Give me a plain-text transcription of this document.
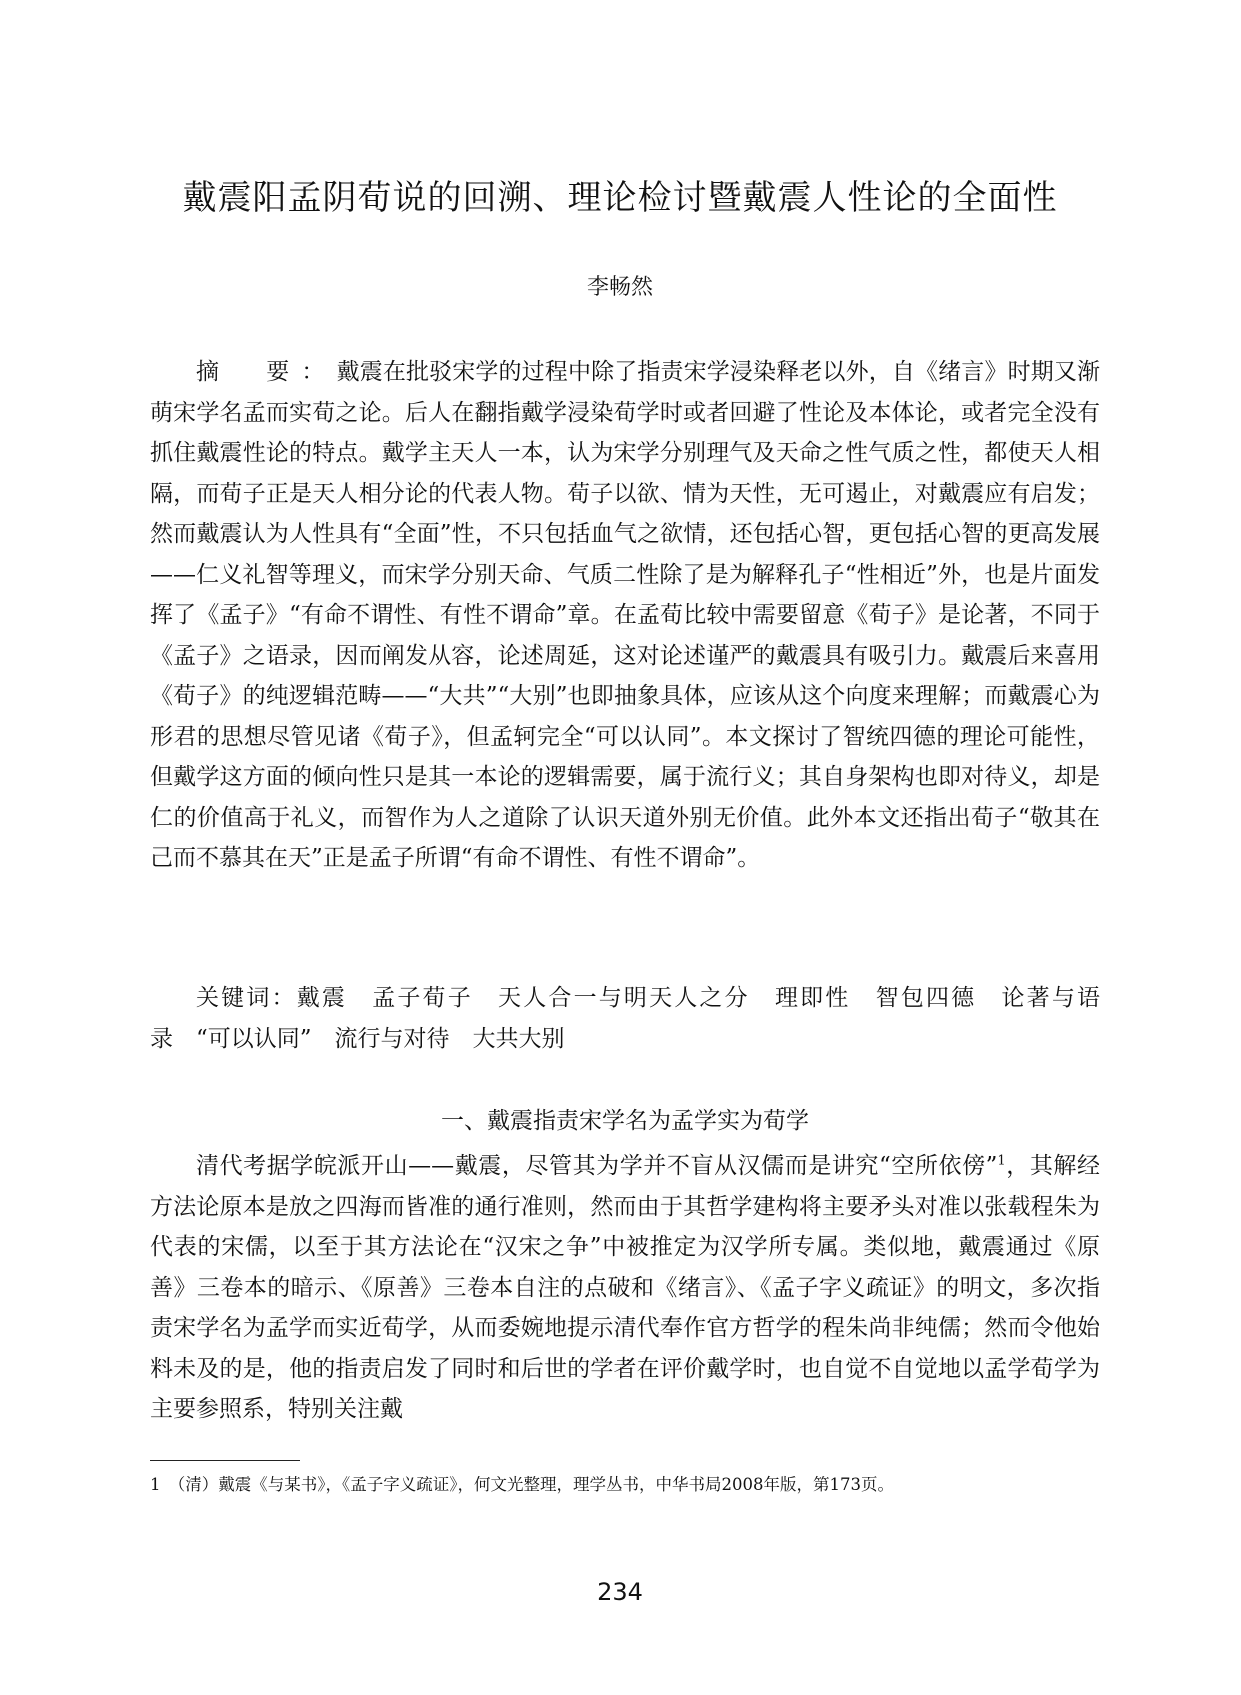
戴震阳孟阴荀说的回溯、理论检讨暨戴震人性论的全面性
李畅然

摘　要：戴震在批驳宋学的过程中除了指责宋学浸染释老以外，自《绪言》时期又渐萌宋学名孟而实荀之论。后人在翻指戴学浸染荀学时或者回避了性论及本体论，或者完全没有抓住戴震性论的特点。戴学主天人一本，认为宋学分别理气及天命之性气质之性，都使天人相隔，而荀子正是天人相分论的代表人物。荀子以欲、情为天性，无可遏止，对戴震应有启发；然而戴震认为人性具有“全面”性，不只包括血气之欲情，还包括心智，更包括心智的更高发展——仁义礼智等理义，而宋学分别天命、气质二性除了是为解释孔子“性相近”外，也是片面发挥了《孟子》“有命不谓性、有性不谓命”章。在孟荀比较中需要留意《荀子》是论著，不同于《孟子》之语录，因而阐发从容，论述周延，这对论述谨严的戴震具有吸引力。戴震后来喜用《荀子》的纯逻辑范畴——“大共”“大别”也即抽象具体，应该从这个向度来理解；而戴震心为形君的思想尽管见诸《荀子》，但孟轲完全“可以认同”。本文探讨了智统四德的理论可能性，但戴学这方面的倾向性只是其一本论的逻辑需要，属于流行义；其自身架构也即对待义，却是仁的价值高于礼义，而智作为人之道除了认识天道外别无价值。此外本文还指出荀子“敬其在己而不慕其在天”正是孟子所谓“有命不谓性、有性不谓命”。

关键词：戴震　孟子荀子　天人合一与明天人之分　理即性　智包四德　论著与语录　“可以认同”　流行与对待　大共大别

一、戴震指责宋学名为孟学实为荀学

清代考据学皖派开山——戴震，尽管其为学并不盲从汉儒而是讲究“空所依傍”$^1$，其解经方法论原本是放之四海而皆准的通行准则，然而由于其哲学建构将主要矛头对准以张载程朱为代表的宋儒，以至于其方法论在“汉宋之争”中被推定为汉学所专属。类似地，戴震通过《原善》三卷本的暗示、《原善》三卷本自注的点破和《绪言》、《孟子字义疏证》的明文，多次指责宋学名为孟学而实近荀学，从而委婉地提示清代奉作官方哲学的程朱尚非纯儒；然而令他始料未及的是，他的指责启发了同时和后世的学者在评价戴学时，也自觉不自觉地以孟学荀学为主要参照系，特别关注戴

1　 （清）戴震《与某书》，《孟子字义疏证》，何文光整理，理学丛书，中华书局2008年版，第173页。

234
